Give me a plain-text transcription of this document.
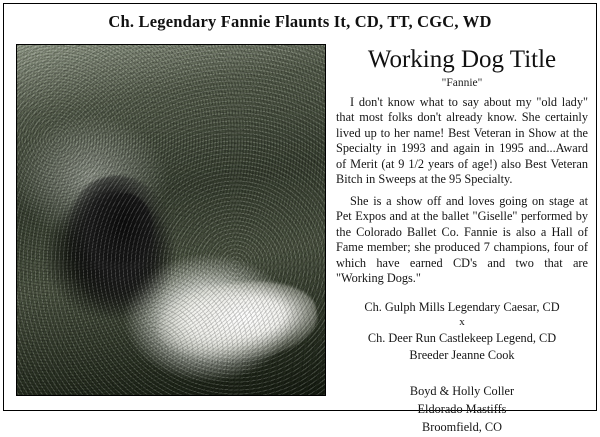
Ch. Legendary Fannie Flaunts It, CD, TT, CGC, WD
Working Dog Title
"Fannie"

I don't know what to say about my "old lady" that most folks don't already know. She certainly lived up to her name! Best Veteran in Show at the Specialty in 1993 and again in 1995 and...Award of Merit (at 9 1/2 years of age!) also Best Veteran Bitch in Sweeps at the 95 Specialty.

She is a show off and loves going on stage at Pet Expos and at the ballet "Giselle" performed by the Colorado Ballet Co. Fannie is also a Hall of Fame member; she produced 7 champions, four of which have earned CD's and two that are "Working Dogs."

Ch. Gulph Mills Legendary Caesar, CD
x
Ch. Deer Run Castlekeep Legend, CD
Breeder Jeanne Cook
Boyd & Holly Coller
Eldorado Mastiffs
Broomfield, CO
